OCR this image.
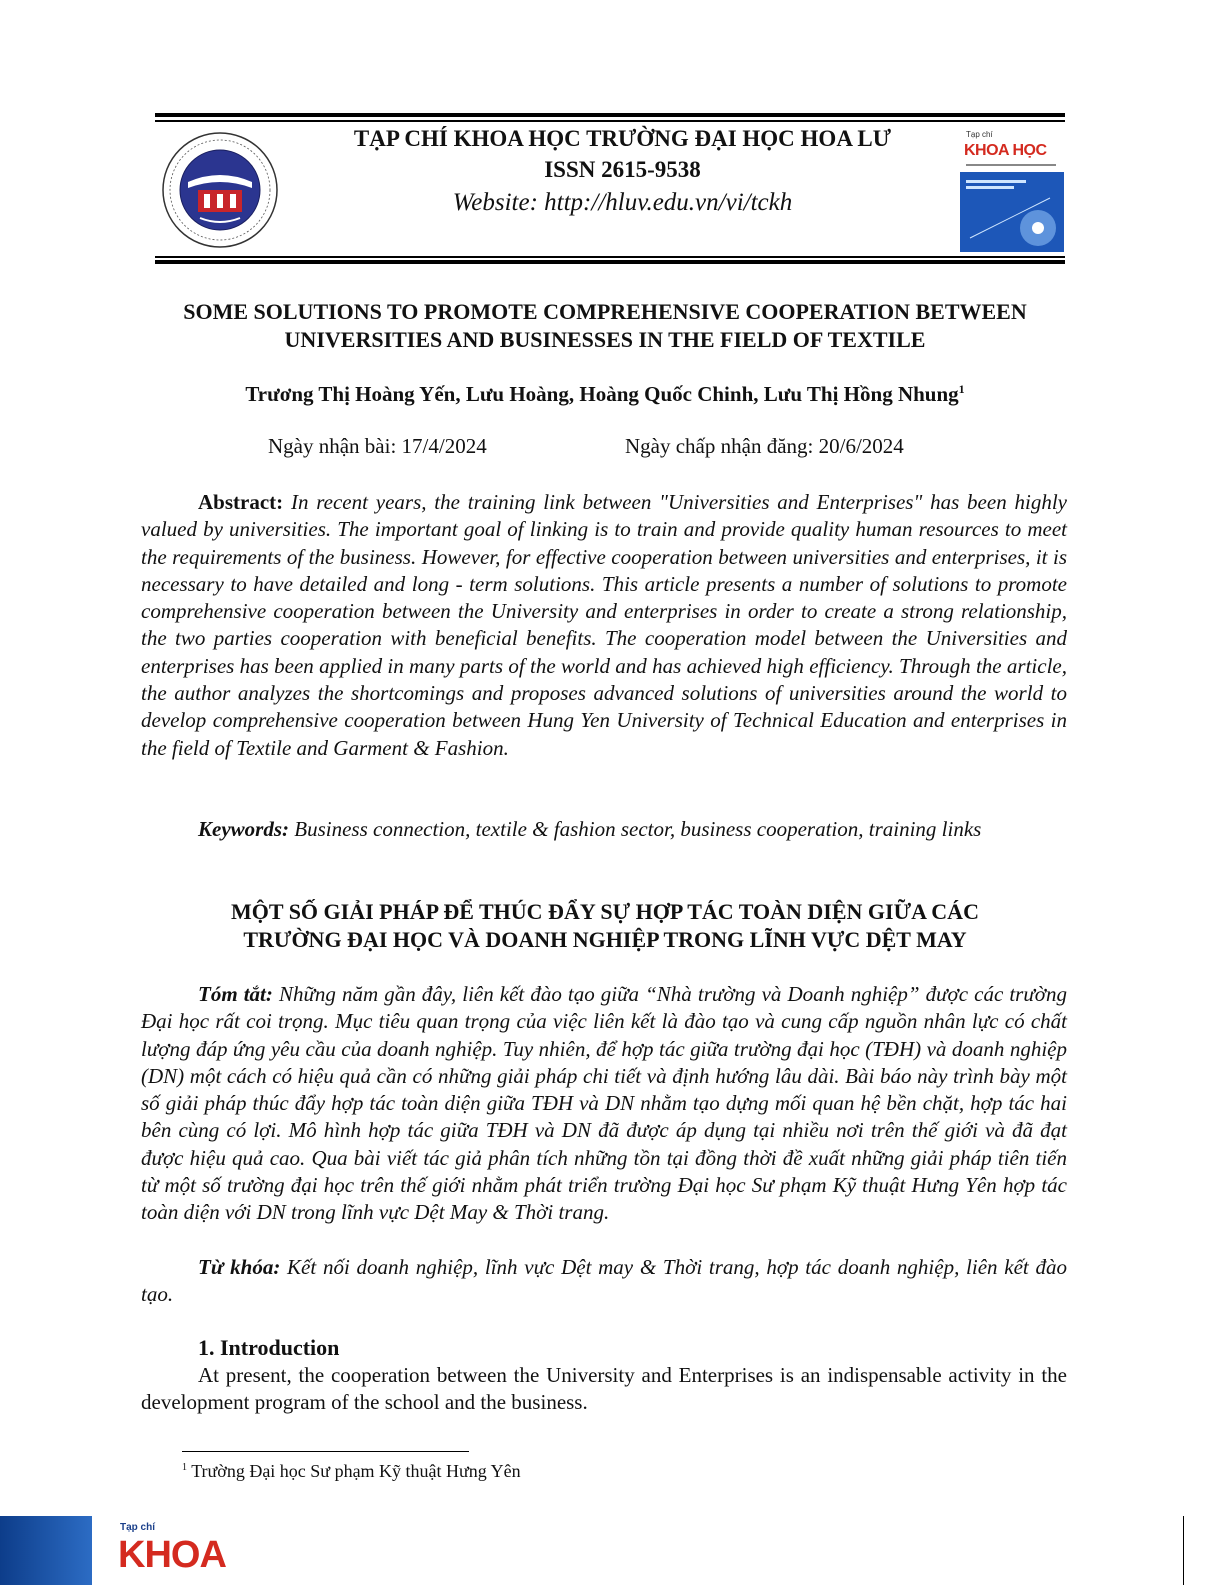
TẠP CHÍ KHOA HỌC TRƯỜNG ĐẠI HỌC HOA LƯ
ISSN 2615-9538
Website: http://hluv.edu.vn/vi/tckh
Tạp chí
KHOA HỌC
SOME SOLUTIONS TO PROMOTE COMPREHENSIVE COOPERATION BETWEEN
UNIVERSITIES AND BUSINESSES IN THE FIELD OF TEXTILE
Trương Thị Hoàng Yến, Lưu Hoàng, Hoàng Quốc Chinh, Lưu Thị Hồng Nhung$^1$
Ngày nhận bài: 17/4/2024	Ngày chấp nhận đăng: 20/6/2024
Abstract: In recent years, the training link between "Universities and Enterprises" has been highly valued by universities. The important goal of linking is to train and provide quality human resources to meet the requirements of the business. However, for effective cooperation between universities and enterprises, it is necessary to have detailed and long - term solutions. This article presents a number of solutions to promote comprehensive cooperation between the University and enterprises in order to create a strong relationship, the two parties cooperation with beneficial benefits. The cooperation model between the Universities and enterprises has been applied in many parts of the world and has achieved high efficiency. Through the article, the author analyzes the shortcomings and proposes advanced solutions of universities around the world to develop comprehensive cooperation between Hung Yen University of Technical Education and enterprises in the field of Textile and Garment & Fashion.
Keywords: Business connection, textile & fashion sector, business cooperation, training links
MỘT SỐ GIẢI PHÁP ĐỂ THÚC ĐẨY SỰ HỢP TÁC TOÀN DIỆN GIỮA CÁC
TRƯỜNG ĐẠI HỌC VÀ DOANH NGHIỆP TRONG LĨNH VỰC DỆT MAY
Tóm tắt: Những năm gần đây, liên kết đào tạo giữa “Nhà trường và Doanh nghiệp” được các trường Đại học rất coi trọng. Mục tiêu quan trọng của việc liên kết là đào tạo và cung cấp nguồn nhân lực có chất lượng đáp ứng yêu cầu của doanh nghiệp. Tuy nhiên, để hợp tác giữa trường đại học (TĐH) và doanh nghiệp (DN) một cách có hiệu quả cần có những giải pháp chi tiết và định hướng lâu dài. Bài báo này trình bày một số giải pháp thúc đẩy hợp tác toàn diện giữa TĐH và DN nhằm tạo dựng mối quan hệ bền chặt, hợp tác hai bên cùng có lợi. Mô hình hợp tác giữa TĐH và DN đã được áp dụng tại nhiều nơi trên thế giới và đã đạt được hiệu quả cao. Qua bài viết tác giả phân tích những tồn tại đồng thời đề xuất những giải pháp tiên tiến từ một số trường đại học trên thế giới nhằm phát triển trường Đại học Sư phạm Kỹ thuật Hưng Yên hợp tác toàn diện với DN trong lĩnh vực Dệt May & Thời trang.
Từ khóa: Kết nối doanh nghiệp, lĩnh vực Dệt may & Thời trang, hợp tác doanh nghiệp, liên kết đào tạo.
1. Introduction
At present, the cooperation between the University and Enterprises is an indispensable activity in the development program of the school and the business.
$^1$ Trường Đại học Sư phạm Kỹ thuật Hưng Yên
Tạp chí
KHOA
